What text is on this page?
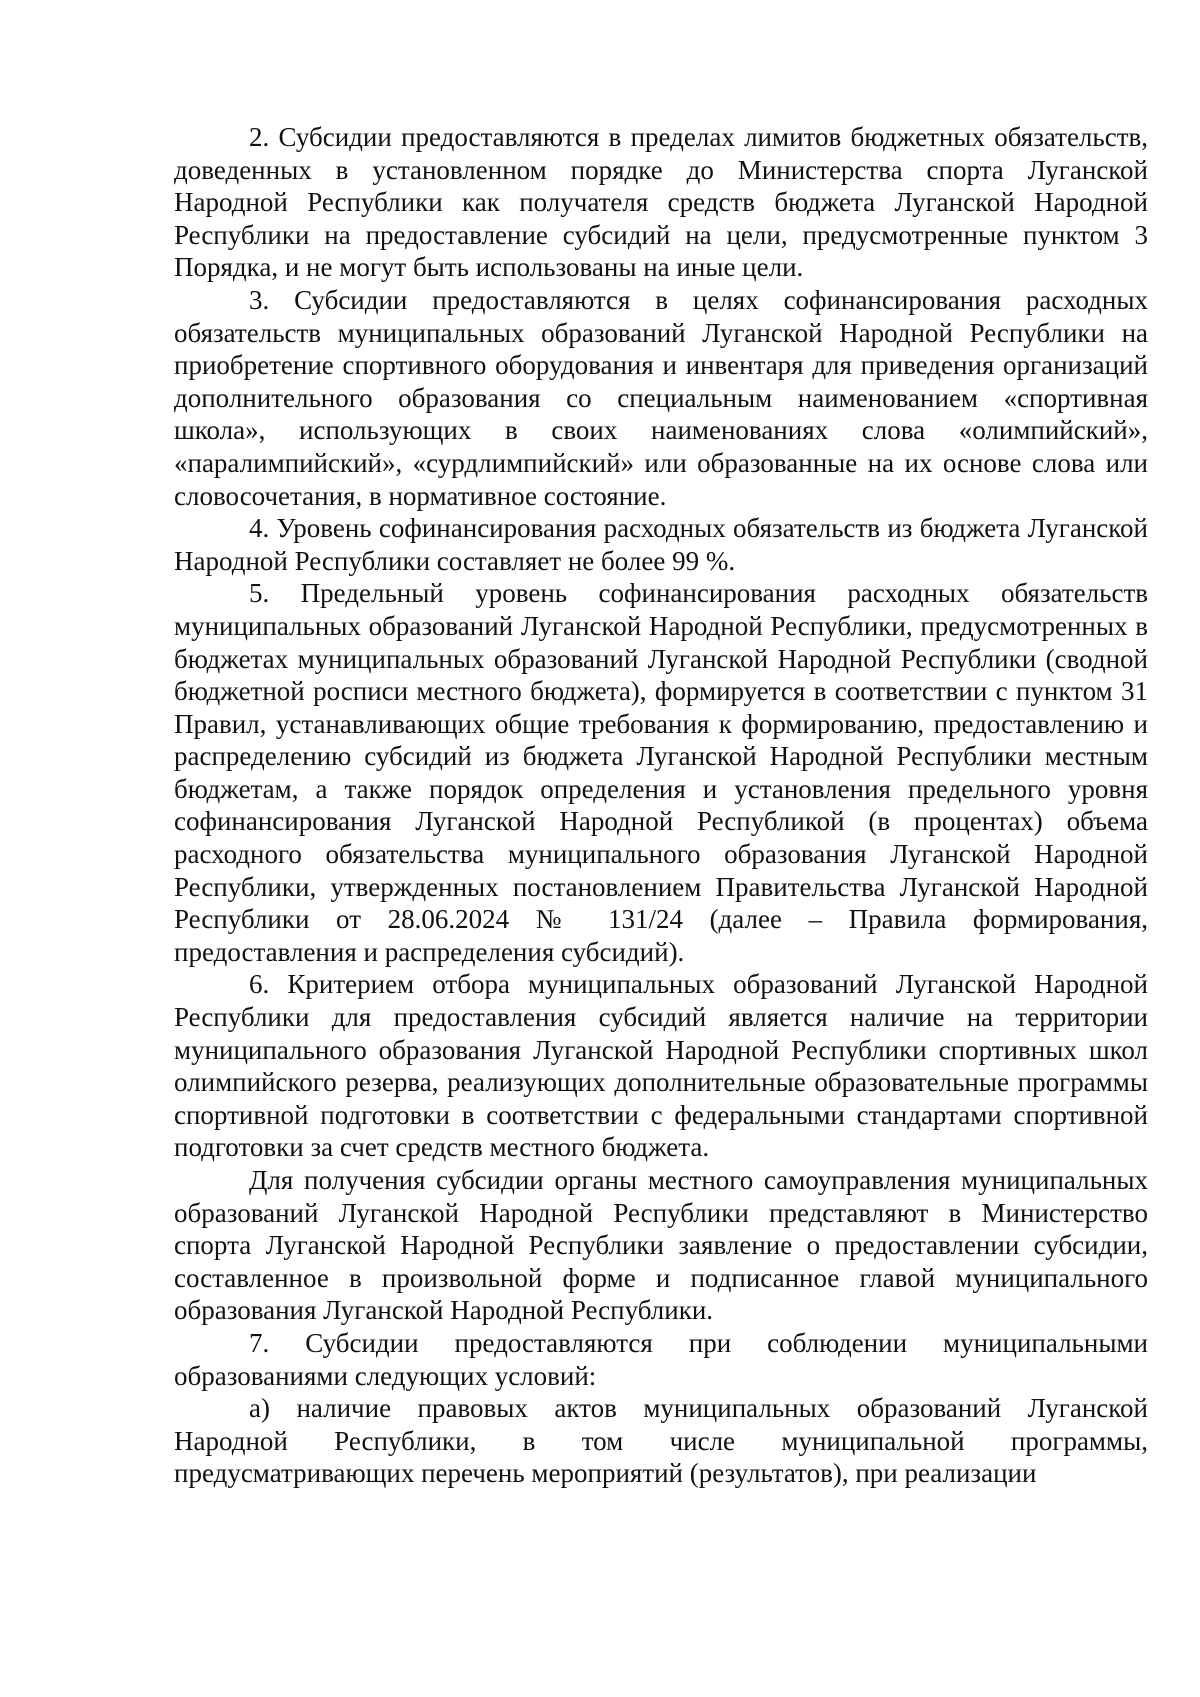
2. Субсидии предоставляются в пределах лимитов бюджетных обязательств, доведенных в установленном порядке до Министерства спорта Луганской Народной Республики как получателя средств бюджета Луганской Народной Республики на предоставление субсидий на цели, предусмотренные пунктом 3 Порядка, и не могут быть использованы на иные цели.

3. Субсидии предоставляются в целях софинансирования расходных обязательств муниципальных образований Луганской Народной Республики на приобретение спортивного оборудования и инвентаря для приведения организаций дополнительного образования со специальным наименованием «спортивная школа», использующих в своих наименованиях слова «олимпийский», «паралимпийский», «сурдлимпийский» или образованные на их основе слова или словосочетания, в нормативное состояние.

4. Уровень софинансирования расходных обязательств из бюджета Луганской Народной Республики составляет не более 99 %.

5. Предельный уровень софинансирования расходных обязательств муниципальных образований Луганской Народной Республики, предусмотренных в бюджетах муниципальных образований Луганской Народной Республики (сводной бюджетной росписи местного бюджета), формируется в соответствии с пунктом 31 Правил, устанавливающих общие требования к формированию, предоставлению и распределению субсидий из бюджета Луганской Народной Республики местным бюджетам, а также порядок определения и установления предельного уровня софинансирования Луганской Народной Республикой (в процентах) объема расходного обязательства муниципального образования Луганской Народной Республики, утвержденных постановлением Правительства Луганской Народной Республики от 28.06.2024 № 131/24 (далее – Правила формирования, предоставления и распределения субсидий).

6. Критерием отбора муниципальных образований Луганской Народной Республики для предоставления субсидий является наличие на территории муниципального образования Луганской Народной Республики спортивных школ олимпийского резерва, реализующих дополнительные образовательные программы спортивной подготовки в соответствии с федеральными стандартами спортивной подготовки за счет средств местного бюджета.

Для получения субсидии органы местного самоуправления муниципальных образований Луганской Народной Республики представляют в Министерство спорта Луганской Народной Республики заявление о предоставлении субсидии, составленное в произвольной форме и подписанное главой муниципального образования Луганской Народной Республики.

7. Субсидии предоставляются при соблюдении муниципальными образованиями следующих условий:

а) наличие правовых актов муниципальных образований Луганской Народной Республики, в том числе муниципальной программы, предусматривающих перечень мероприятий (результатов), при реализации
